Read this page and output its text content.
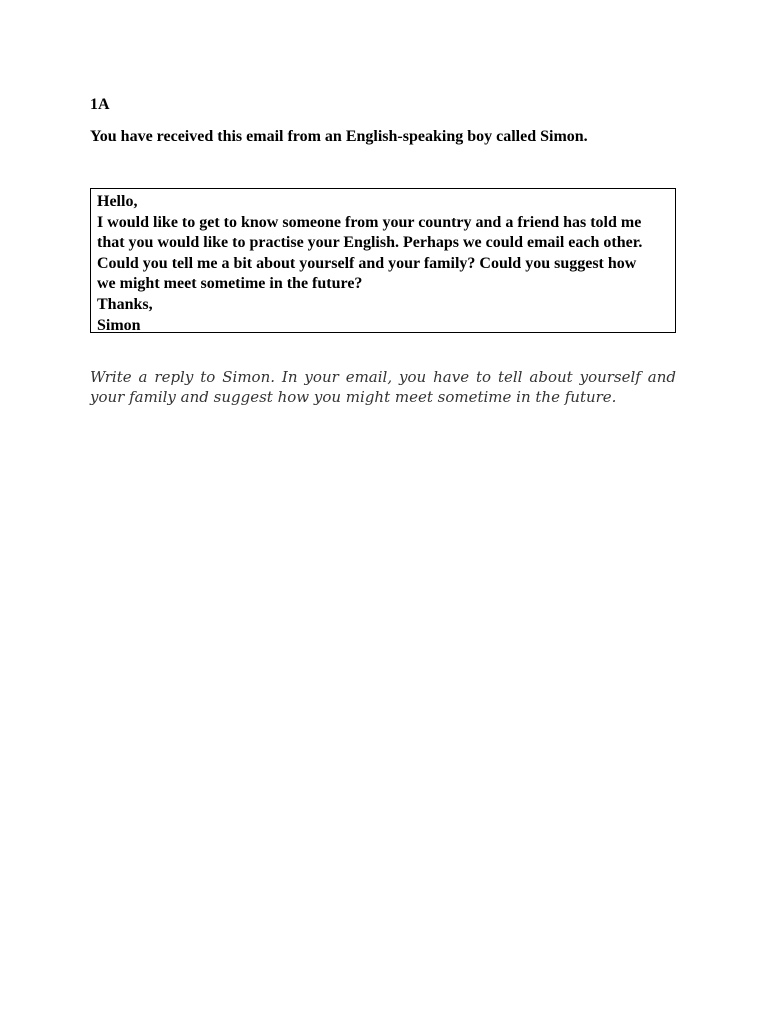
1A
You have received this email from an English-speaking boy called Simon.
Hello,
I would like to get to know someone from your country and a friend has told me
that you would like to practise your English. Perhaps we could email each other.
Could you tell me a bit about yourself and your family? Could you suggest how
we might meet sometime in the future?
Thanks,
Simon
Write a reply to Simon. In your email, you have to tell about yourself and your family and suggest how you might meet sometime in the future.
